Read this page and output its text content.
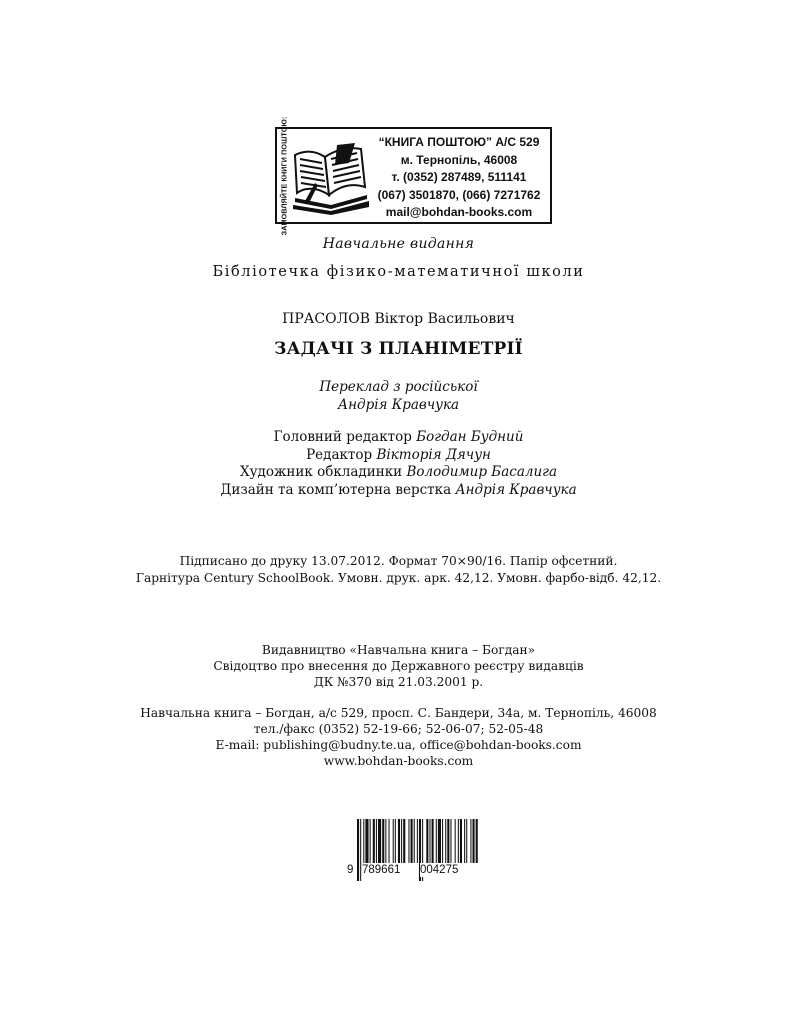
ЗАМОВЛЯЙТЕ КНИГИ ПОШТОЮ:	“КНИГА ПОШТОЮ” А/С 529
м. Тернопіль, 46008
т. (0352) 287489, 511141
(067) 3501870, (066) 7271762
mail@bohdan-books.com
Навчальне видання
Бібліотечка фізико-математичної школи
ПРАСОЛОВ Віктор Васильович
ЗАДАЧІ З ПЛАНІМЕТРІЇ
Переклад з російської
Андрія Кравчука
Головний редактор Богдан Будний
Редактор Вікторія Дячун
Художник обкладинки Володимир Басалига
Дизайн та комп’ютерна верстка Андрія Кравчука
Підписано до друку 13.07.2012. Формат 70×90/16. Папір офсетний.
Гарнітура Century SchoolBook. Умовн. друк. арк. 42,12. Умовн. фарбо-відб. 42,12.
Видавництво «Навчальна книга – Богдан»
Свідоцтво про внесення до Державного реєстру видавців
ДК №370 від 21.03.2001 р.
Навчальна книга – Богдан, а/с 529, просп. С. Бандери, 34а, м. Тернопіль, 46008
тел./факс (0352) 52-19-66; 52-06-07; 52-05-48
E-mail: publishing@budny.te.ua, office@bohdan-books.com
www.bohdan-books.com
9 789661 004275
